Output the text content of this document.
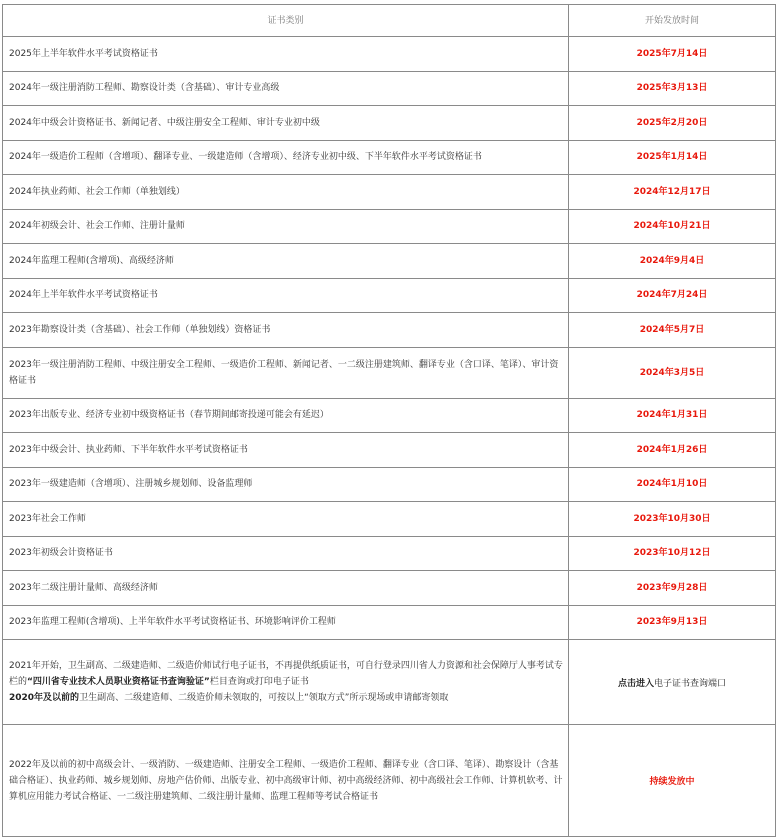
证书类别	开始发放时间
2025年上半年软件水平考试资格证书	2025年7月14日
2024年一级注册消防工程师、勘察设计类（含基础）、审计专业高级	2025年3月13日
2024年中级会计资格证书、新闻记者、中级注册安全工程师、审计专业初中级	2025年2月20日
2024年一级造价工程师（含增项）、翻译专业、一级建造师（含增项）、经济专业初中级、下半年软件水平考试资格证书	2025年1月14日
2024年执业药师、社会工作师（单独划线）	2024年12月17日
2024年初级会计、社会工作师、注册计量师	2024年10月21日
2024年监理工程师(含增项)、高级经济师	2024年9月4日
2024年上半年软件水平考试资格证书	2024年7月24日
2023年勘察设计类（含基础）、社会工作师（单独划线）资格证书	2024年5月7日
2023年一级注册消防工程师、中级注册安全工程师、一级造价工程师、新闻记者、一二级注册建筑师、翻译专业（含口译、笔译）、审计资格证书	2024年3月5日
2023年出版专业、经济专业初中级资格证书（春节期间邮寄投递可能会有延迟）	2024年1月31日
2023年中级会计、执业药师、下半年软件水平考试资格证书	2024年1月26日
2023年一级建造师（含增项）、注册城乡规划师、设备监理师	2024年1月10日
2023年社会工作师	2023年10月30日
2023年初级会计资格证书	2023年10月12日
2023年二级注册计量师、高级经济师	2023年9月28日
2023年监理工程师(含增项)、上半年软件水平考试资格证书、环境影响评价工程师	2023年9月13日
2021年开始，卫生副高、二级建造师、二级造价师试行电子证书，不再提供纸质证书，可自行登录四川省人力资源和社会保障厅人事考试专栏的“四川省专业技术人员职业资格证书查询验证”栏目查询或打印电子证书
2020年及以前的卫生副高、二级建造师、二级造价师未领取的，可按以上“领取方式”所示现场或申请邮寄领取	点击进入电子证书查询端口
2022年及以前的初中高级会计、一级消防、一级建造师、注册安全工程师、一级造价工程师、翻译专业（含口译、笔译）、勘察设计（含基础合格证）、执业药师、城乡规划师、房地产估价师、出版专业、初中高级审计师、初中高级经济师、初中高级社会工作师、计算机软考、计算机应用能力考试合格证、一二级注册建筑师、二级注册计量师、监理工程师等考试合格证书	持续发放中
